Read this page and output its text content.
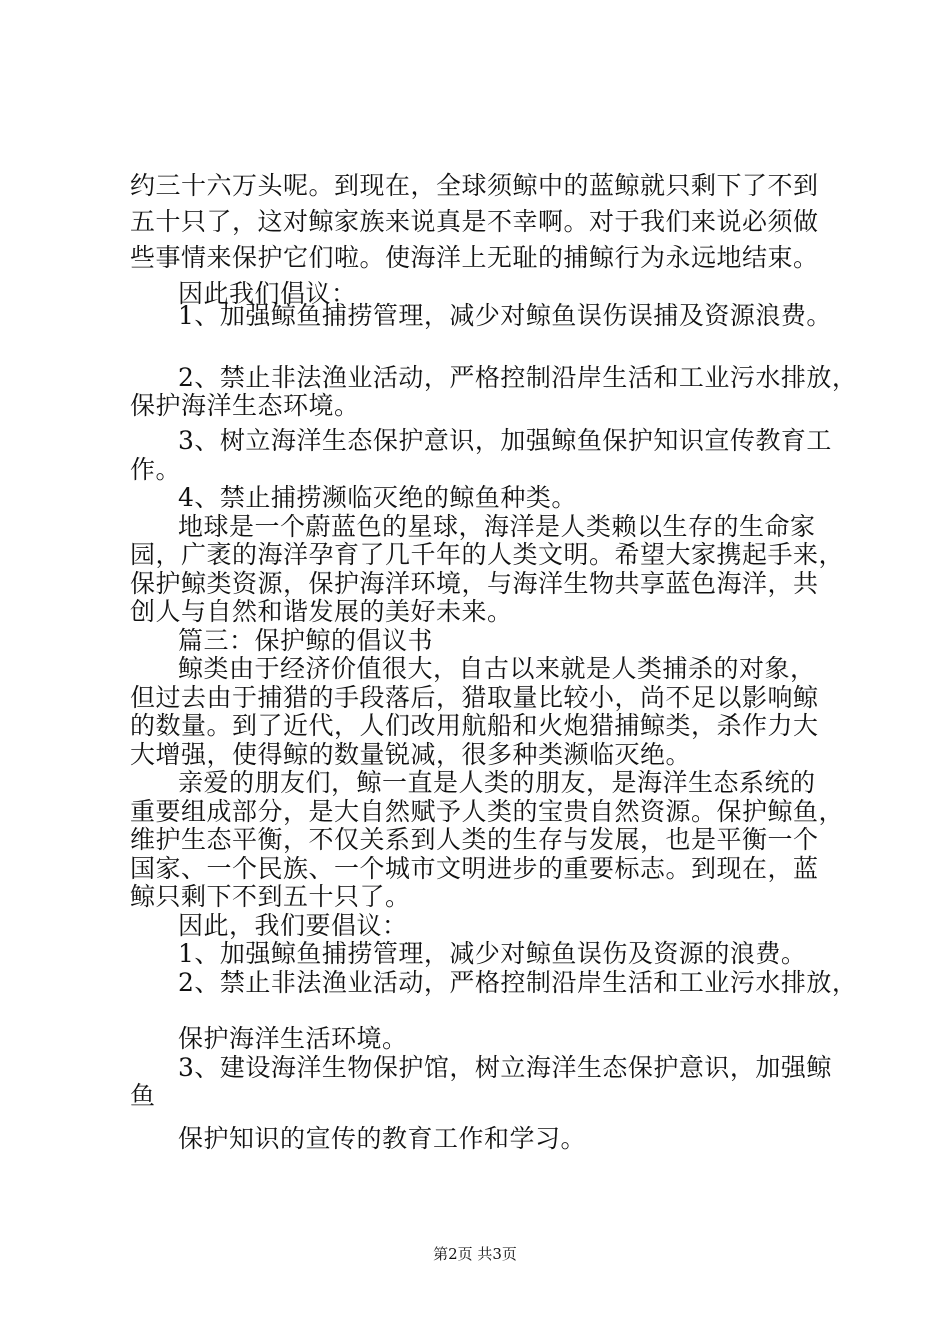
约三十六万头呢。到现在，全球须鲸中的蓝鲸就只剩下了不到
五十只了，这对鲸家族来说真是不幸啊。对于我们来说必须做
些事情来保护它们啦。使海洋上无耻的捕鲸行为永远地结束。
因此我们倡议：
1、加强鲸鱼捕捞管理，减少对鲸鱼误伤误捕及资源浪费。
2、禁止非法渔业活动，严格控制沿岸生活和工业污水排放，
保护海洋生态环境。
3、树立海洋生态保护意识，加强鲸鱼保护知识宣传教育工
作。
4、禁止捕捞濒临灭绝的鲸鱼种类。
地球是一个蔚蓝色的星球，海洋是人类赖以生存的生命家
园，广袤的海洋孕育了几千年的人类文明。希望大家携起手来，
保护鲸类资源，保护海洋环境，与海洋生物共享蓝色海洋，共
创人与自然和谐发展的美好未来。
篇三：保护鲸的倡议书
鲸类由于经济价值很大，自古以来就是人类捕杀的对象，
但过去由于捕猎的手段落后，猎取量比较小，尚不足以影响鲸
的数量。到了近代，人们改用航船和火炮猎捕鲸类，杀作力大
大增强，使得鲸的数量锐减，很多种类濒临灭绝。
亲爱的朋友们，鲸一直是人类的朋友，是海洋生态系统的
重要组成部分，是大自然赋予人类的宝贵自然资源。保护鲸鱼，
维护生态平衡，不仅关系到人类的生存与发展，也是平衡一个
国家、一个民族、一个城市文明进步的重要标志。到现在，蓝
鲸只剩下不到五十只了。
因此，我们要倡议：
1、加强鲸鱼捕捞管理，减少对鲸鱼误伤及资源的浪费。
2、禁止非法渔业活动，严格控制沿岸生活和工业污水排放，
保护海洋生活环境。
3、建设海洋生物保护馆，树立海洋生态保护意识，加强鲸
鱼
保护知识的宣传的教育工作和学习。
第2页 共3页
